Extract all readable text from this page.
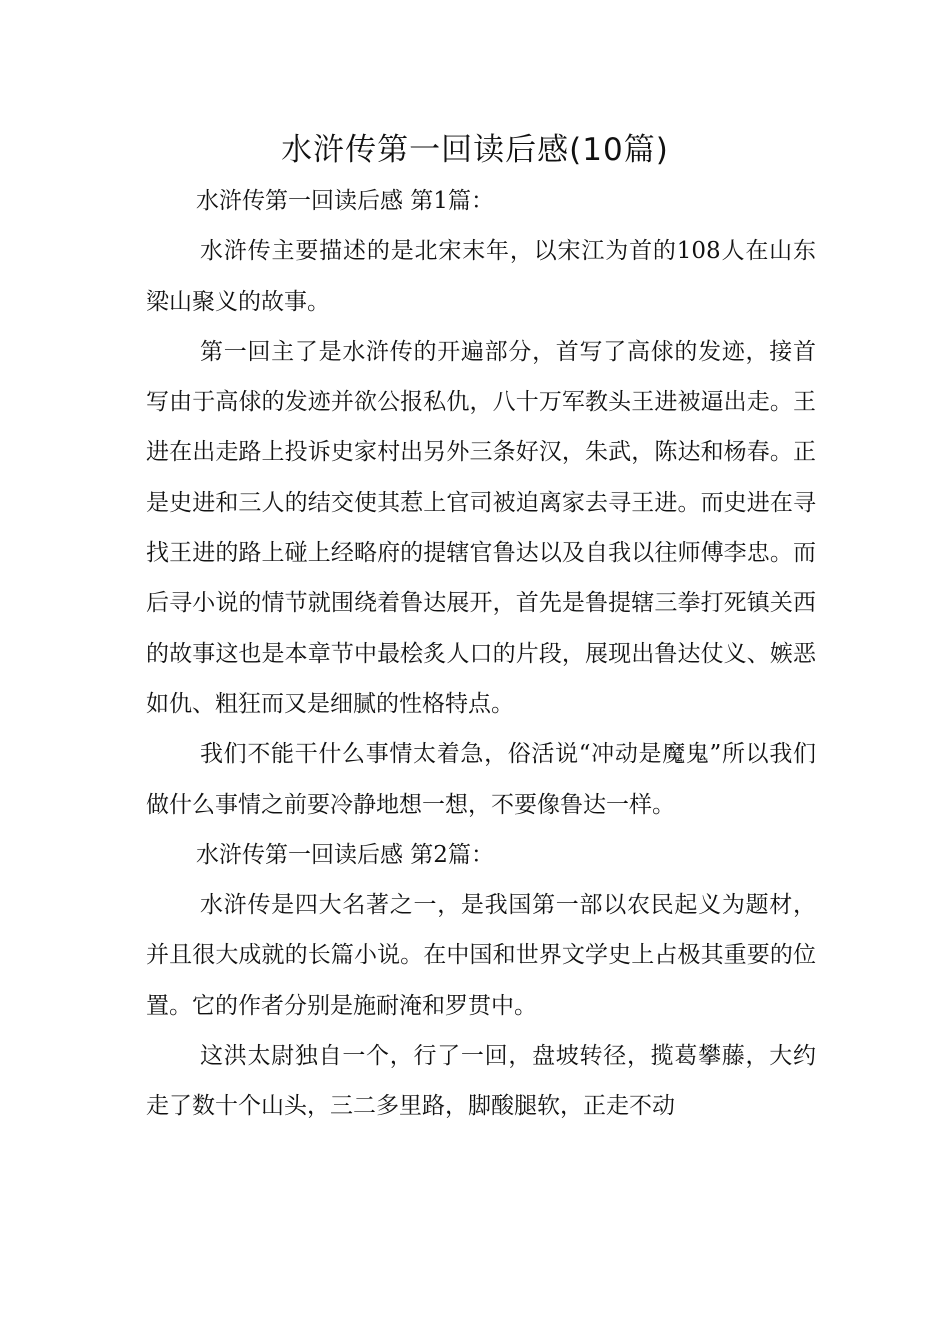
水浒传第一回读后感(10篇)

水浒传第一回读后感 第1篇：

水浒传主要描述的是北宋末年，以宋江为首的108人在山东梁山聚义的故事。

第一回主了是水浒传的开遍部分，首写了高俅的发迹，接首写由于高俅的发迹并欲公报私仇，八十万军教头王进被逼出走。王进在出走路上投诉史家村出另外三条好汉，朱武，陈达和杨春。正是史进和三人的结交使其惹上官司被迫离家去寻王进。而史进在寻找王进的路上碰上经略府的提辖官鲁达以及自我以往师傅李忠。而后寻小说的情节就围绕着鲁达展开，首先是鲁提辖三拳打死镇关西的故事这也是本章节中最桧炙人口的片段，展现出鲁达仗义、嫉恶如仇、粗狂而又是细腻的性格特点。

我们不能干什么事情太着急，俗活说“冲动是魔鬼”所以我们做什么事情之前要冷静地想一想，不要像鲁达一样。

水浒传第一回读后感 第2篇：

水浒传是四大名著之一，是我国第一部以农民起义为题材，并且很大成就的长篇小说。在中国和世界文学史上占极其重要的位置。它的作者分别是施耐淹和罗贯中。

这洪太尉独自一个，行了一回，盘坡转径，揽葛攀藤，大约走了数十个山头，三二多里路，脚酸腿软，正走不动
